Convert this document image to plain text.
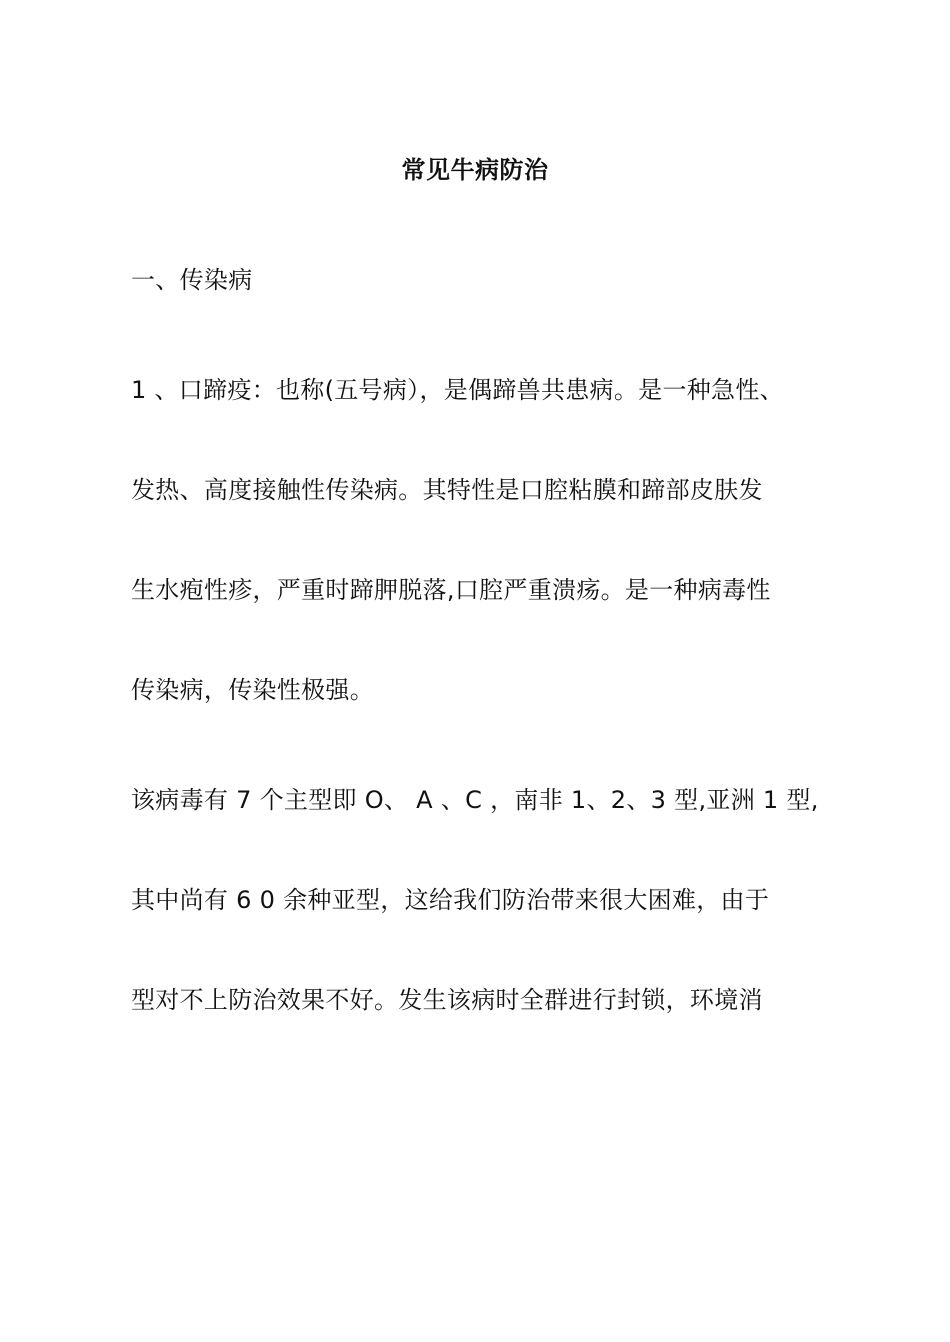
常见牛病防治
一、传染病
1 、口蹄疫：也称(五号病），是偶蹄兽共患病。是一种急性、
发热、高度接触性传染病。其特性是口腔粘膜和蹄部皮肤发
生水疱性疹，严重时蹄胛脱落,口腔严重溃疡。是一种病毒性
传染病，传染性极强。
该病毒有 7 个主型即 O、 A 、C ，南非 1、2、3 型,亚洲 1 型,
其中尚有 6 0 余种亚型，这给我们防治带来很大困难，由于
型对不上防治效果不好。发生该病时全群进行封锁，环境消
